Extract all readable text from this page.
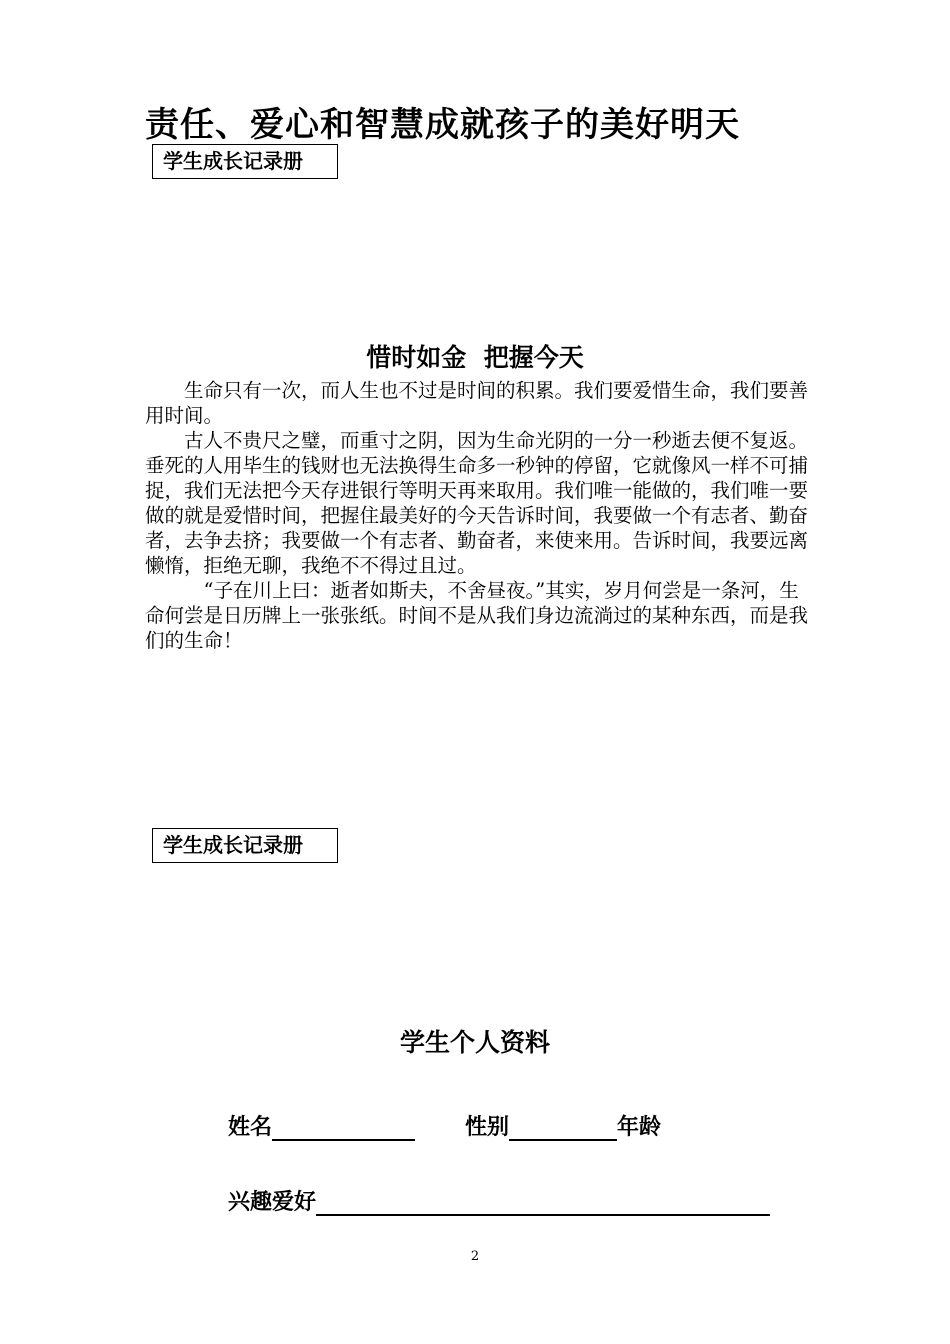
责任、爱心和智慧成就孩子的美好明天
学生成长记录册
惜时如金  把握今天

生命只有一次，而人生也不过是时间的积累。我们要爱惜生命，我们要善用时间。

古人不贵尺之璧，而重寸之阴，因为生命光阴的一分一秒逝去便不复返。垂死的人用毕生的钱财也无法换得生命多一秒钟的停留，它就像风一样不可捕捉，我们无法把今天存进银行等明天再来取用。我们唯一能做的，我们唯一要做的就是爱惜时间，把握住最美好的今天告诉时间，我要做一个有志者、勤奋者，去争去挤；我要做一个有志者、勤奋者，来使来用。告诉时间，我要远离懒惰，拒绝无聊，我绝不不得过且过。

“子在川上曰：逝者如斯夫，不舍昼夜。”其实，岁月何尝是一条河，生命何尝是日历牌上一张张纸。时间不是从我们身边流淌过的某种东西，而是我们的生命！

学生成长记录册
学生个人资料
姓名	性别	年龄
兴趣爱好
2
